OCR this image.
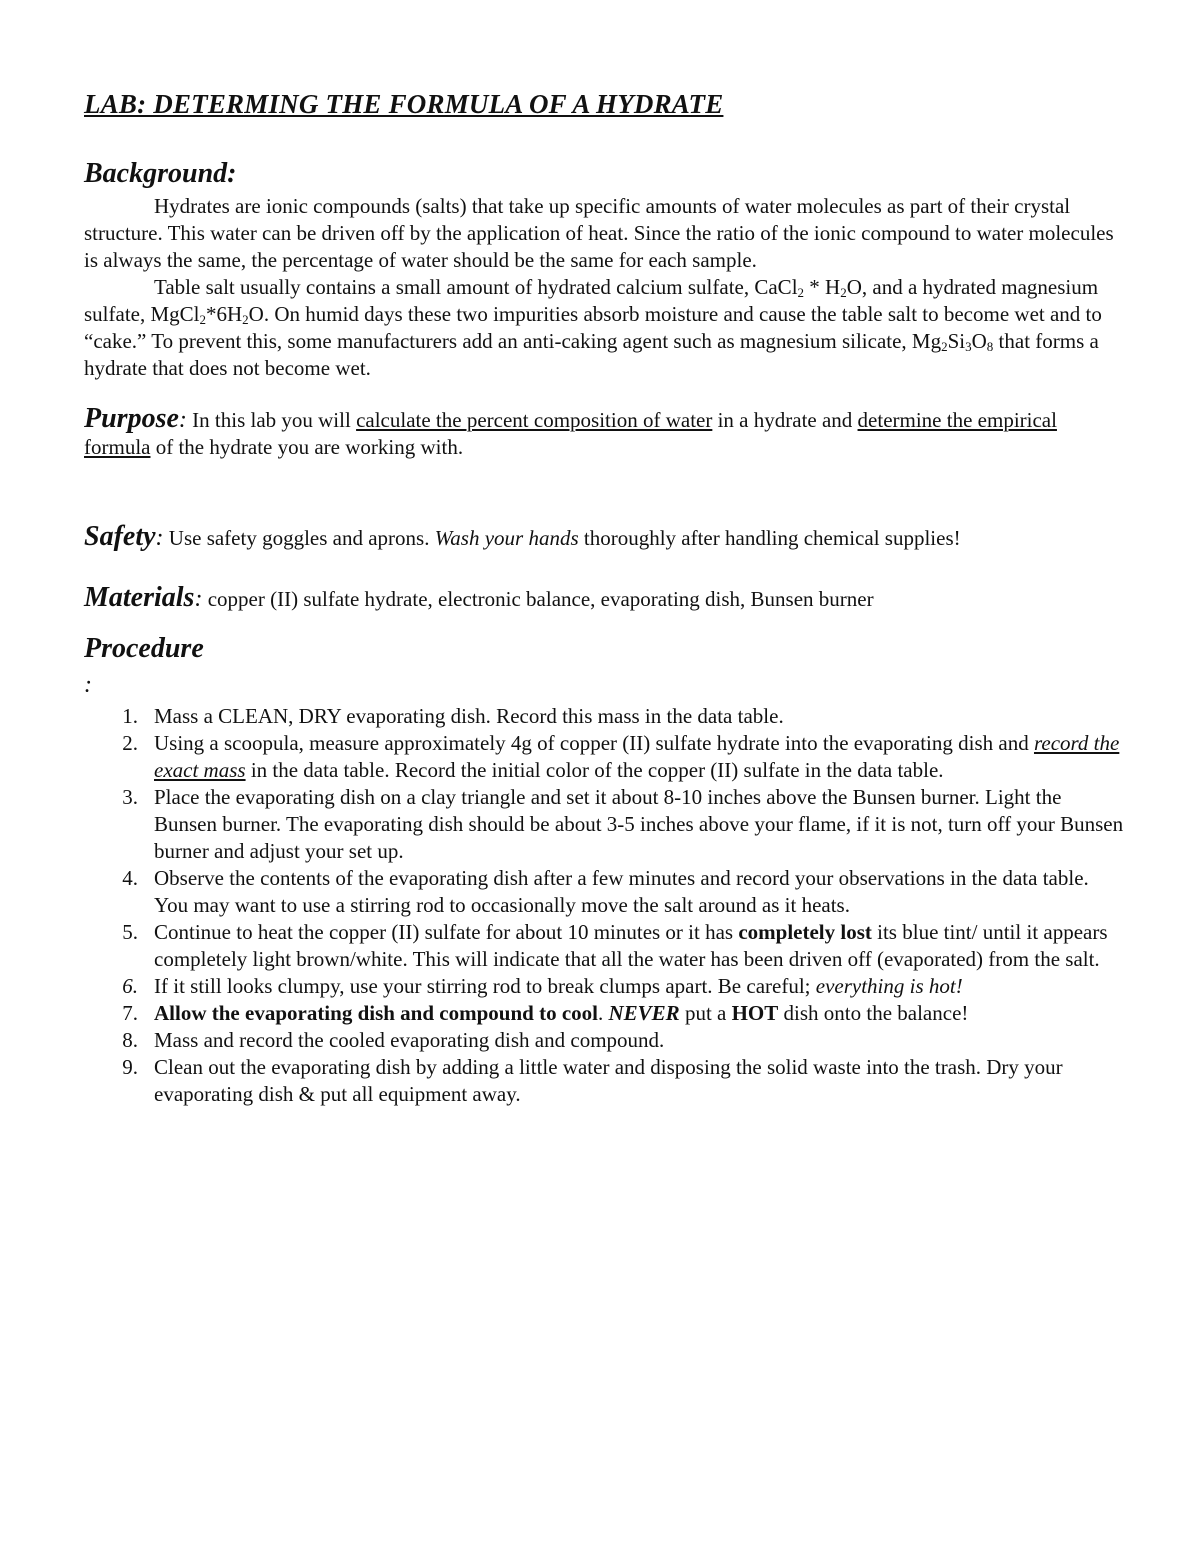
LAB: DETERMING THE FORMULA OF A HYDRATE
Background:

Hydrates are ionic compounds (salts) that take up specific amounts of water molecules as part of their crystal structure. This water can be driven off by the application of heat. Since the ratio of the ionic compound to water molecules is always the same, the percentage of water should be the same for each sample.

Table salt usually contains a small amount of hydrated calcium sulfate, CaCl$_2$ * $H_2O$, and a hydrated magnesium sulfate, $MgCl_2*6H_2O$. On humid days these two impurities absorb moisture and cause the table salt to become wet and to “cake.” To prevent this, some manufacturers add an anti-caking agent such as magnesium silicate, $Mg_2Si_3O_8$ that forms a hydrate that does not become wet.

Purpose: In this lab you will calculate the percent composition of water in a hydrate and determine the empirical formula of the hydrate you are working with.

Safety: Use safety goggles and aprons. Wash your hands thoroughly after handling chemical supplies!

Materials: copper (II) sulfate hydrate, electronic balance, evaporating dish, Bunsen burner

Procedure
:
1. Mass a CLEAN, DRY evaporating dish. Record this mass in the data table.
2. Using a scoopula, measure approximately 4g of copper (II) sulfate hydrate into the evaporating dish and record the exact mass in the data table. Record the initial color of the copper (II) sulfate in the data table.
3. Place the evaporating dish on a clay triangle and set it about 8-10 inches above the Bunsen burner. Light the Bunsen burner. The evaporating dish should be about 3-5 inches above your flame, if it is not, turn off your Bunsen burner and adjust your set up.
4. Observe the contents of the evaporating dish after a few minutes and record your observations in the data table. You may want to use a stirring rod to occasionally move the salt around as it heats.
5. Continue to heat the copper (II) sulfate for about 10 minutes or it has completely lost its blue tint/ until it appears completely light brown/white. This will indicate that all the water has been driven off (evaporated) from the salt.
6. If it still looks clumpy, use your stirring rod to break clumps apart. Be careful; everything is hot!
7. Allow the evaporating dish and compound to cool. NEVER put a HOT dish onto the balance!
8. Mass and record the cooled evaporating dish and compound.
9. Clean out the evaporating dish by adding a little water and disposing the solid waste into the trash. Dry your evaporating dish & put all equipment away.
